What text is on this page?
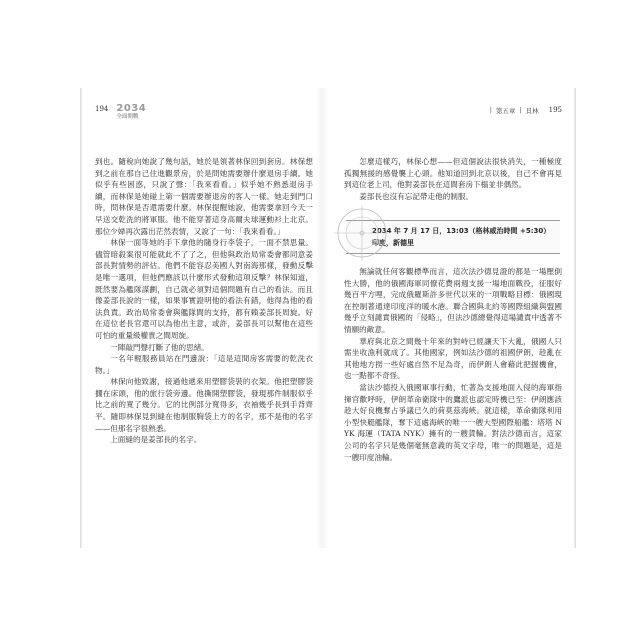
194 2034
全面開戰
| 第五章 | 貝林 195

到也。隨稅向她說了幾句話，她於是領著林保回到套房。林保想到之前在那自己住進觀景房，於是問她需要辦什麼退房手續。她似乎有些困惑，只說了聲：「我來看看。」似乎她不熟悉退房手續，而林保是她碰上第一個需要辦退房的客人一樣。她走到門口時，問林保是否還需要什麼。林保提醒她說，他需要拿回今天一早送交乾洗的將軍服。他不能穿著這身高爾夫球運動衫上北京。那位少婦再次露出茫然表情，又說了一句：「我來看看。」

林保一面等她的手下拿他的隨身行李袋子，一面不禁思量。儘管暗殺案很可能就此不了了之，但他與政治局常委會都同意姜部長對情勢的評估。他們不能容忍美國人對南海那樣，發動反擊是唯一選項，但他們應該以什麼形式發動這項反擊？林保知道，既然要為艦隊謀劃，自己就必須對這個問題有自己的看法。而且像姜部長說的一樣，如果事實證明他的看法有錯，他得為他的看法負責。政治局常委會與艦隊間的支持，都有賴姜部長周旋。好在這位老長官還可以為他出主意，或許，姜部長可以幫他在這些可怕的重量級權貴之間周旋。

一陣敲門聲打斷了他的思緒。

一名年輕服務員站在門邊說：「這是這間房客需要的乾洗衣物。」

林保向他致謝，接過他遞來用塑膠袋裝的衣架。他把塑膠袋擱在床頭，他的旅行袋旁邊。他撕開塑膠袋，發現那件制服似乎比之前的寬了幾分。它的比例部分寬得多，衣袖幾乎長到手背齊平。隨即林保見到縫在他制服胸袋上方的名字，那不是他的名字——但那名字很熟悉。

上面縫的是姜部長的名字。

怎麼這樣巧，林保心想——但這個說法很快消失，一種極度孤獨無援的感覺襲上心頭。他知道回到北京以後，自己不會再見到這位老上司，他對姜部長在這間套房下榻並非偶然。

姜部長也沒有忘記帶走他的制服。

2034 年 7 月 17 日，13:03（格林威治時間 +5:30）
印度，新德里

無論就任何客觀標準而言，這次法沙德見證的都是一場壓倒性大勝，他的俄國海軍同僚花費兩週支援一場地面戰役，征服好幾百平方哩，完成俄羅斯許多世代以來的一項戰略目標：俄國現在控制著通達印度洋的暖水港。聯合國與北約等國際組織與盟國幾乎立刻譴責俄國的「侵略」，但法沙德總覺得這場譴責中透著不情願的敵意。

華府與北京之間幾十年來的對峙已經讓天下大亂，俄國人只需坐收漁利就成了。其他國家，例如法沙德的祖國伊朗，趁亂在其他地方撈一些好處自然不足為奇，而伊朗人會藉此把握機會，也一點都不奇怪。

當法沙德投入俄國軍事行動，忙著為支援地面入侵的海軍指揮官歡呼時，伊朗革命衛隊中的鷹派也認定時機已至：伊朗應該趁大好良機奪占爭議已久的荷莫茲海峽。就這樣，革命衛隊利用小型快艇艦隊，奪下這處海峽的唯一一艘大型國際船艦：塔塔 NYK 海運（TATA NYK）擁有的一艘貨輪。對法沙德而言，這家公司的名字只是幾個毫無意義的英文字母，唯一的問題是，這是一艘印度油輪。
